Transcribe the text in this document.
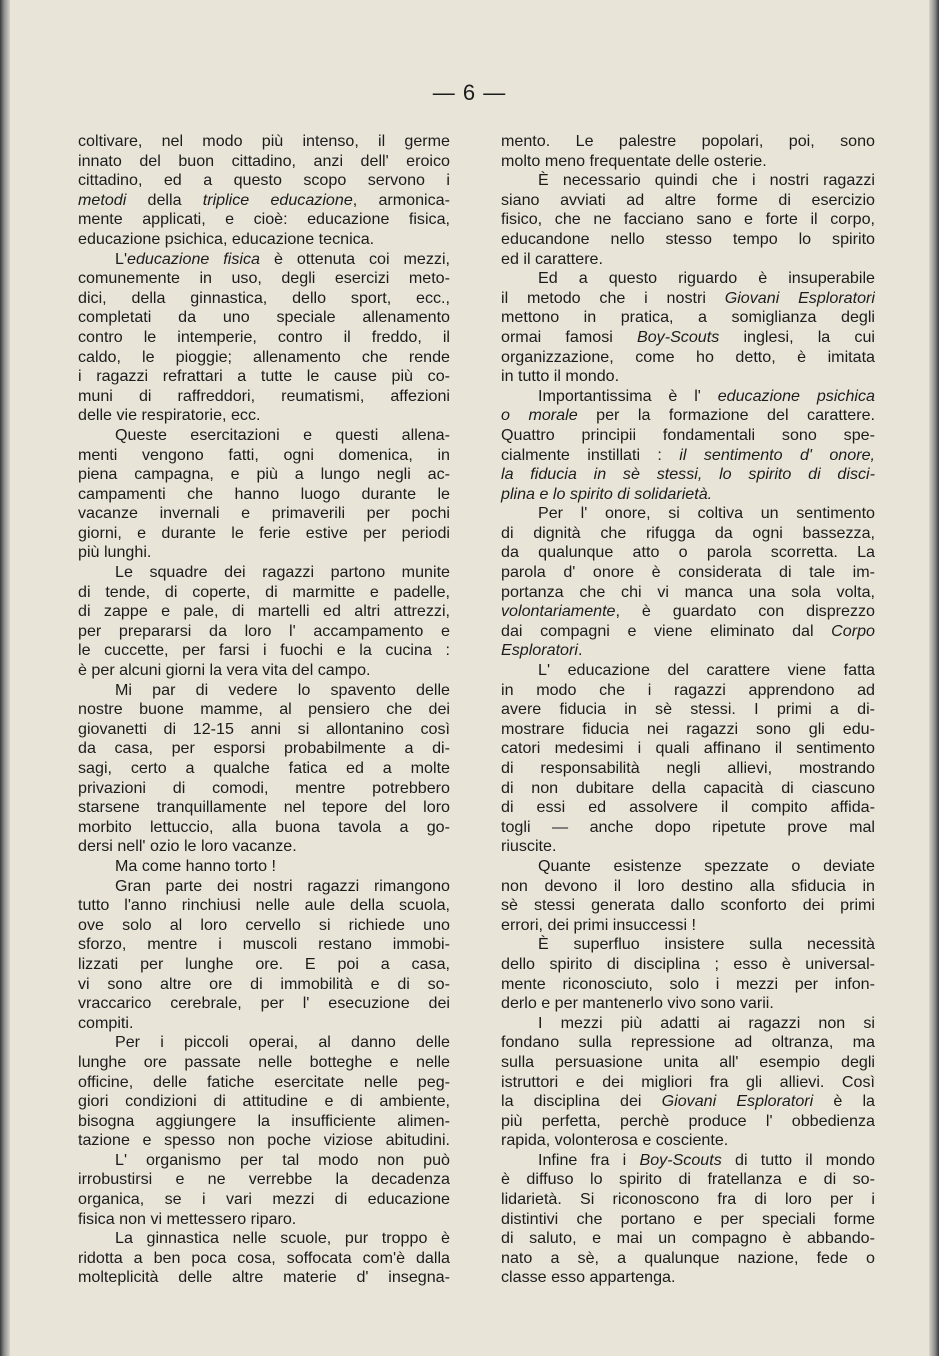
— 6 —
coltivare, nel modo più intenso, il germe
innato del buon cittadino, anzi dell' eroico
cittadino, ed a questo scopo servono i
metodi della triplice educazione, armonica-
mente applicati, e cioè: educazione fisica,
educazione psichica, educazione tecnica.
L'educazione fisica è ottenuta coi mezzi,
comunemente in uso, degli esercizi meto-
dici, della ginnastica, dello sport, ecc.,
completati da uno speciale allenamento
contro le intemperie, contro il freddo, il
caldo, le pioggie; allenamento che rende
i ragazzi refrattari a tutte le cause più co-
muni di raffreddori, reumatismi, affezioni
delle vie respiratorie, ecc.
Queste esercitazioni e questi allena-
menti vengono fatti, ogni domenica, in
piena campagna, e più a lungo negli ac-
campamenti che hanno luogo durante le
vacanze invernali e primaverili per pochi
giorni, e durante le ferie estive per periodi
più lunghi.
Le squadre dei ragazzi partono munite
di tende, di coperte, di marmitte e padelle,
di zappe e pale, di martelli ed altri attrezzi,
per prepararsi da loro l' accampamento e
le cuccette, per farsi i fuochi e la cucina :
è per alcuni giorni la vera vita del campo.
Mi par di vedere lo spavento delle
nostre buone mamme, al pensiero che dei
giovanetti di 12-15 anni si allontanino così
da casa, per esporsi probabilmente a di-
sagi, certo a qualche fatica ed a molte
privazioni di comodi, mentre potrebbero
starsene tranquillamente nel tepore del loro
morbito lettuccio, alla buona tavola a go-
dersi nell' ozio le loro vacanze.
Ma come hanno torto !
Gran parte dei nostri ragazzi rimangono
tutto l'anno rinchiusi nelle aule della scuola,
ove solo al loro cervello si richiede uno
sforzo, mentre i muscoli restano immobi-
lizzati per lunghe ore. E poi a casa,
vi sono altre ore di immobilità e di so-
vraccarico cerebrale, per l' esecuzione dei
compiti.
Per i piccoli operai, al danno delle
lunghe ore passate nelle botteghe e nelle
officine, delle fatiche esercitate nelle peg-
giori condizioni di attitudine e di ambiente,
bisogna aggiungere la insufficiente alimen-
tazione e spesso non poche viziose abitudini.
L' organismo per tal modo non può
irrobustirsi e ne verrebbe la decadenza
organica, se i vari mezzi di educazione
fisica non vi mettessero riparo.
La ginnastica nelle scuole, pur troppo è
ridotta a ben poca cosa, soffocata com'è dalla
molteplicità delle altre materie d' insegna-
mento. Le palestre popolari, poi, sono
molto meno frequentate delle osterie.
È necessario quindi che i nostri ragazzi
siano avviati ad altre forme di esercizio
fisico, che ne facciano sano e forte il corpo,
educandone nello stesso tempo lo spirito
ed il carattere.
Ed a questo riguardo è insuperabile
il metodo che i nostri Giovani Esploratori
mettono in pratica, a somiglianza degli
ormai famosi Boy-Scouts inglesi, la cui
organizzazione, come ho detto, è imitata
in tutto il mondo.
Importantissima è l' educazione psichica
o morale per la formazione del carattere.
Quattro principii fondamentali sono spe-
cialmente instillati : il sentimento d' onore,
la fiducia in sè stessi, lo spirito di disci-
plina e lo spirito di solidarietà.
Per l' onore, si coltiva un sentimento
di dignità che rifugga da ogni bassezza,
da qualunque atto o parola scorretta. La
parola d' onore è considerata di tale im-
portanza che chi vi manca una sola volta,
volontariamente, è guardato con disprezzo
dai compagni e viene eliminato dal Corpo
Esploratori.
L' educazione del carattere viene fatta
in modo che i ragazzi apprendono ad
avere fiducia in sè stessi. I primi a di-
mostrare fiducia nei ragazzi sono gli edu-
catori medesimi i quali affinano il sentimento
di responsabilità negli allievi, mostrando
di non dubitare della capacità di ciascuno
di essi ed assolvere il compito affida-
togli — anche dopo ripetute prove mal
riuscite.
Quante esistenze spezzate o deviate
non devono il loro destino alla sfiducia in
sè stessi generata dallo sconforto dei primi
errori, dei primi insuccessi !
È superfluo insistere sulla necessità
dello spirito di disciplina ; esso è universal-
mente riconosciuto, solo i mezzi per infon-
derlo e per mantenerlo vivo sono varii.
I mezzi più adatti ai ragazzi non si
fondano sulla repressione ad oltranza, ma
sulla persuasione unita all' esempio degli
istruttori e dei migliori fra gli allievi. Così
la disciplina dei Giovani Esploratori è la
più perfetta, perchè produce l' obbedienza
rapida, volonterosa e cosciente.
Infine fra i Boy-Scouts di tutto il mondo
è diffuso lo spirito di fratellanza e di so-
lidarietà. Si riconoscono fra di loro per i
distintivi che portano e per speciali forme
di saluto, e mai un compagno è abbando-
nato a sè, a qualunque nazione, fede o
classe esso appartenga.
